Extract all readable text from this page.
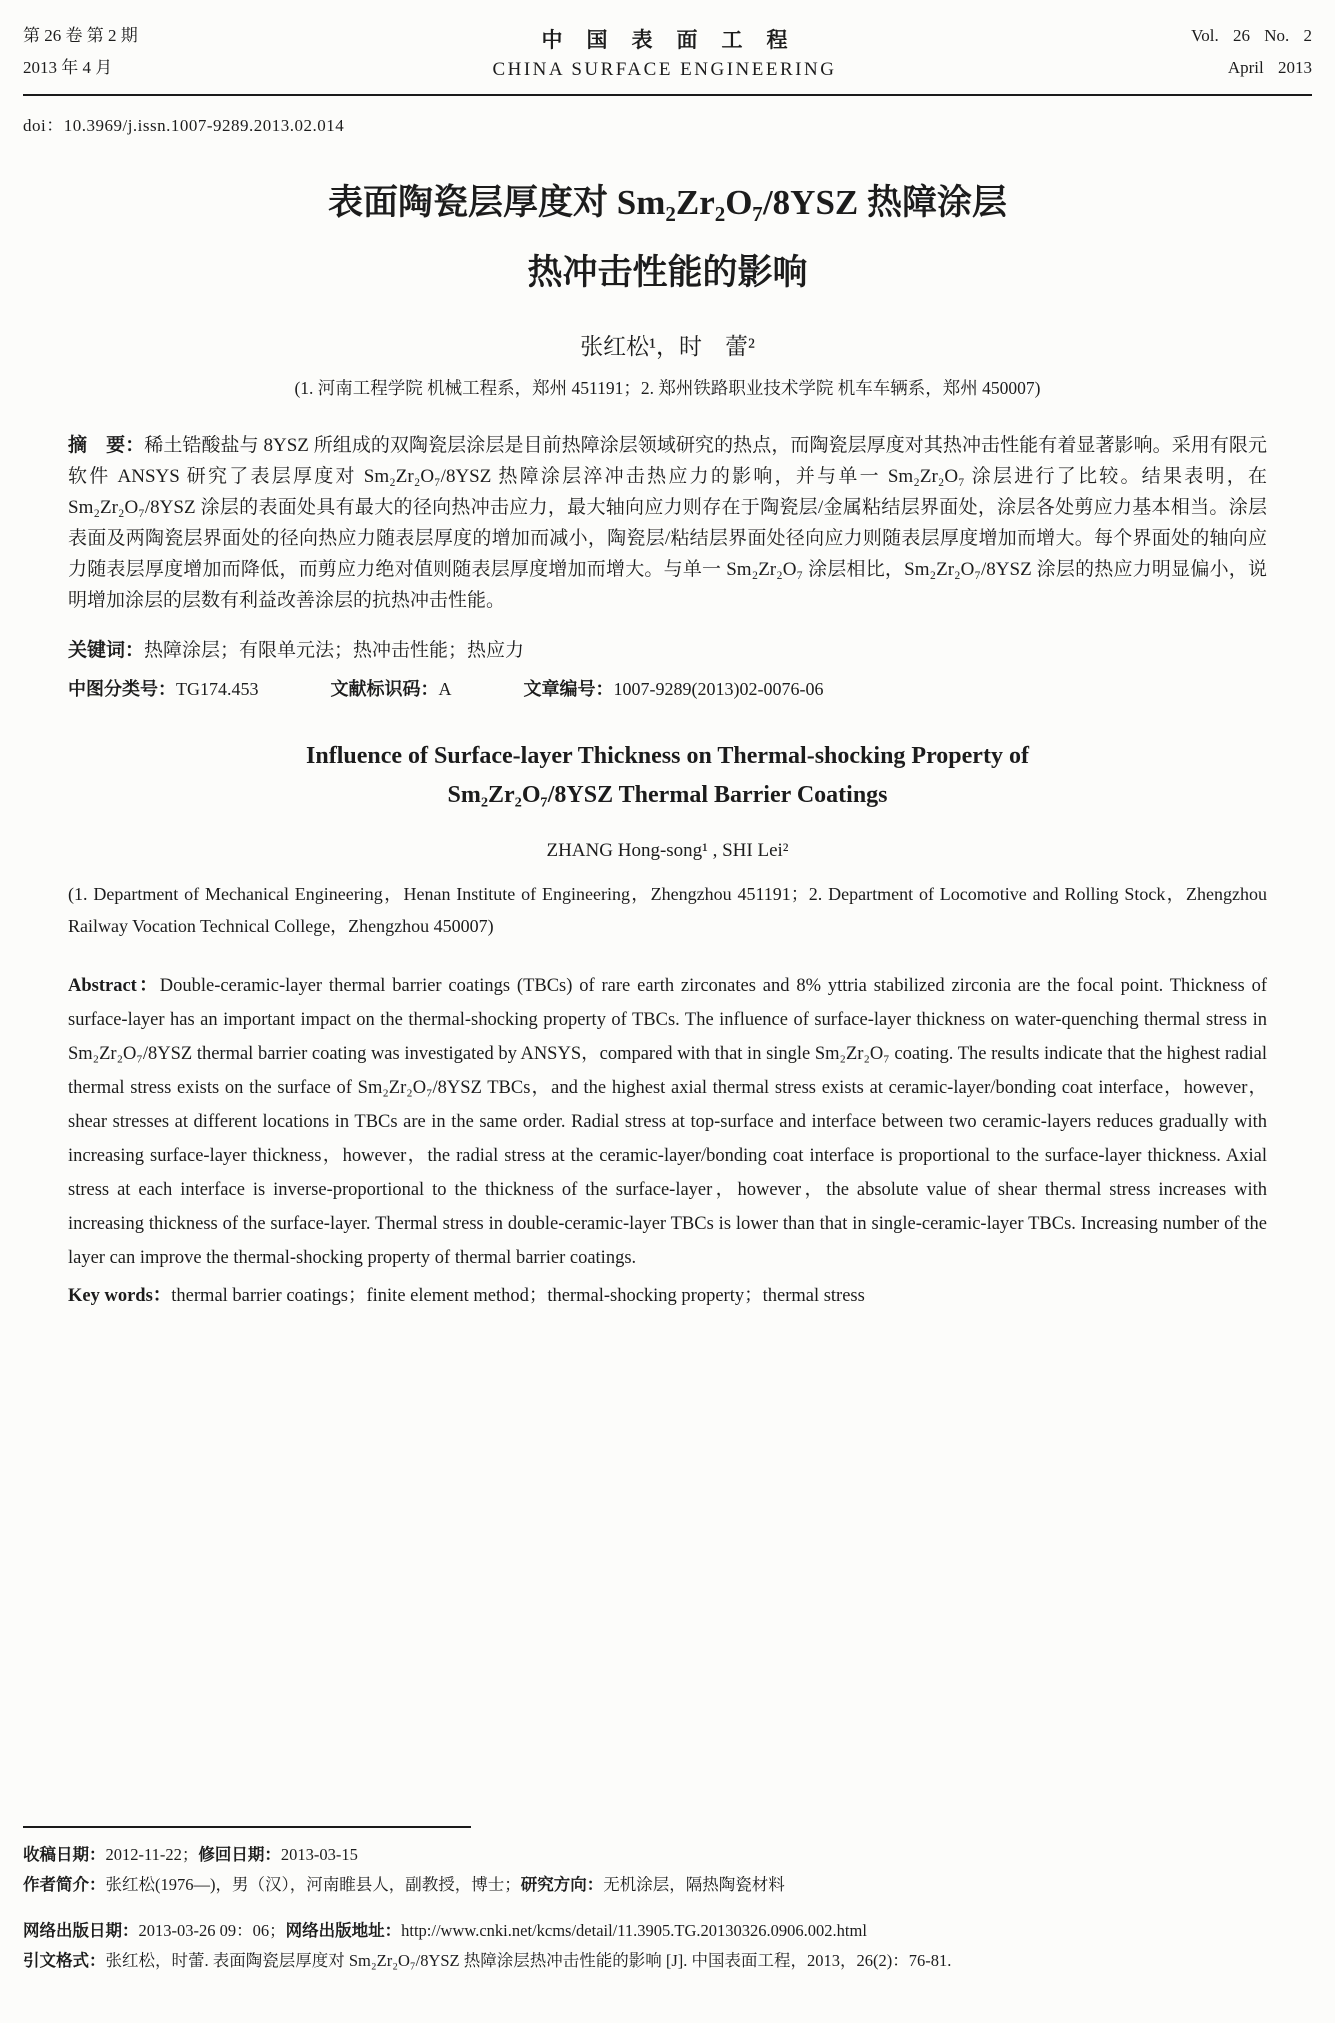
第 26 卷 第 2 期
2013 年 4 月
中国表面工程
CHINA SURFACE ENGINEERING
Vol. 26 No. 2
April 2013
doi：10.3969/j.issn.1007-9289.2013.02.014
表面陶瓷层厚度对 Sm₂Zr₂O₇/8YSZ 热障涂层
热冲击性能的影响
张红松¹，时　蕾²
(1. 河南工程学院 机械工程系，郑州 451191；2. 郑州铁路职业技术学院 机车车辆系，郑州 450007)

摘　要：稀土锆酸盐与 8YSZ 所组成的双陶瓷层涂层是目前热障涂层领域研究的热点，而陶瓷层厚度对其热冲击性能有着显著影响。采用有限元软件 ANSYS 研究了表层厚度对 Sm₂Zr₂O₇/8YSZ 热障涂层淬冲击热应力的影响，并与单一 Sm₂Zr₂O₇ 涂层进行了比较。结果表明，在 Sm₂Zr₂O₇/8YSZ 涂层的表面处具有最大的径向热冲击应力，最大轴向应力则存在于陶瓷层/金属粘结层界面处，涂层各处剪应力基本相当。涂层表面及两陶瓷层界面处的径向热应力随表层厚度的增加而减小，陶瓷层/粘结层界面处径向应力则随表层厚度增加而增大。每个界面处的轴向应力随表层厚度增加而降低，而剪应力绝对值则随表层厚度增加而增大。与单一 Sm₂Zr₂O₇ 涂层相比，Sm₂Zr₂O₇/8YSZ 涂层的热应力明显偏小，说明增加涂层的层数有利益改善涂层的抗热冲击性能。

关键词：热障涂层；有限单元法；热冲击性能；热应力

中图分类号：TG174.453	文献标识码：A	文章编号：1007-9289(2013)02-0076-06
Influence of Surface-layer Thickness on Thermal-shocking Property of
Sm₂Zr₂O₇/8YSZ Thermal Barrier Coatings
ZHANG Hong-song¹ , SHI Lei²

(1. Department of Mechanical Engineering，Henan Institute of Engineering，Zhengzhou 451191；2. Department of Locomotive and Rolling Stock，Zhengzhou Railway Vocation Technical College，Zhengzhou 450007)

Abstract：Double-ceramic-layer thermal barrier coatings (TBCs) of rare earth zirconates and 8% yttria stabilized zirconia are the focal point. Thickness of surface-layer has an important impact on the thermal-shocking property of TBCs. The influence of surface-layer thickness on water-quenching thermal stress in Sm₂Zr₂O₇/8YSZ thermal barrier coating was investigated by ANSYS，compared with that in single Sm₂Zr₂O₇ coating. The results indicate that the highest radial thermal stress exists on the surface of Sm₂Zr₂O₇/8YSZ TBCs，and the highest axial thermal stress exists at ceramic-layer/bonding coat interface，however，shear stresses at different locations in TBCs are in the same order. Radial stress at top-surface and interface between two ceramic-layers reduces gradually with increasing surface-layer thickness，however，the radial stress at the ceramic-layer/bonding coat interface is proportional to the surface-layer thickness. Axial stress at each interface is inverse-proportional to the thickness of the surface-layer，however，the absolute value of shear thermal stress increases with increasing thickness of the surface-layer. Thermal stress in double-ceramic-layer TBCs is lower than that in single-ceramic-layer TBCs. Increasing number of the layer can improve the thermal-shocking property of thermal barrier coatings.

Key words：thermal barrier coatings；finite element method；thermal-shocking property；thermal stress

收稿日期：2012-11-22；修回日期：2013-03-15
作者简介：张红松(1976—)，男（汉），河南睢县人，副教授，博士；研究方向：无机涂层，隔热陶瓷材料
网络出版日期：2013-03-26 09：06；网络出版地址：http://www.cnki.net/kcms/detail/11.3905.TG.20130326.0906.002.html
引文格式：张红松，时蕾. 表面陶瓷层厚度对 Sm₂Zr₂O₇/8YSZ 热障涂层热冲击性能的影响 [J]. 中国表面工程，2013，26(2)：76-81.
